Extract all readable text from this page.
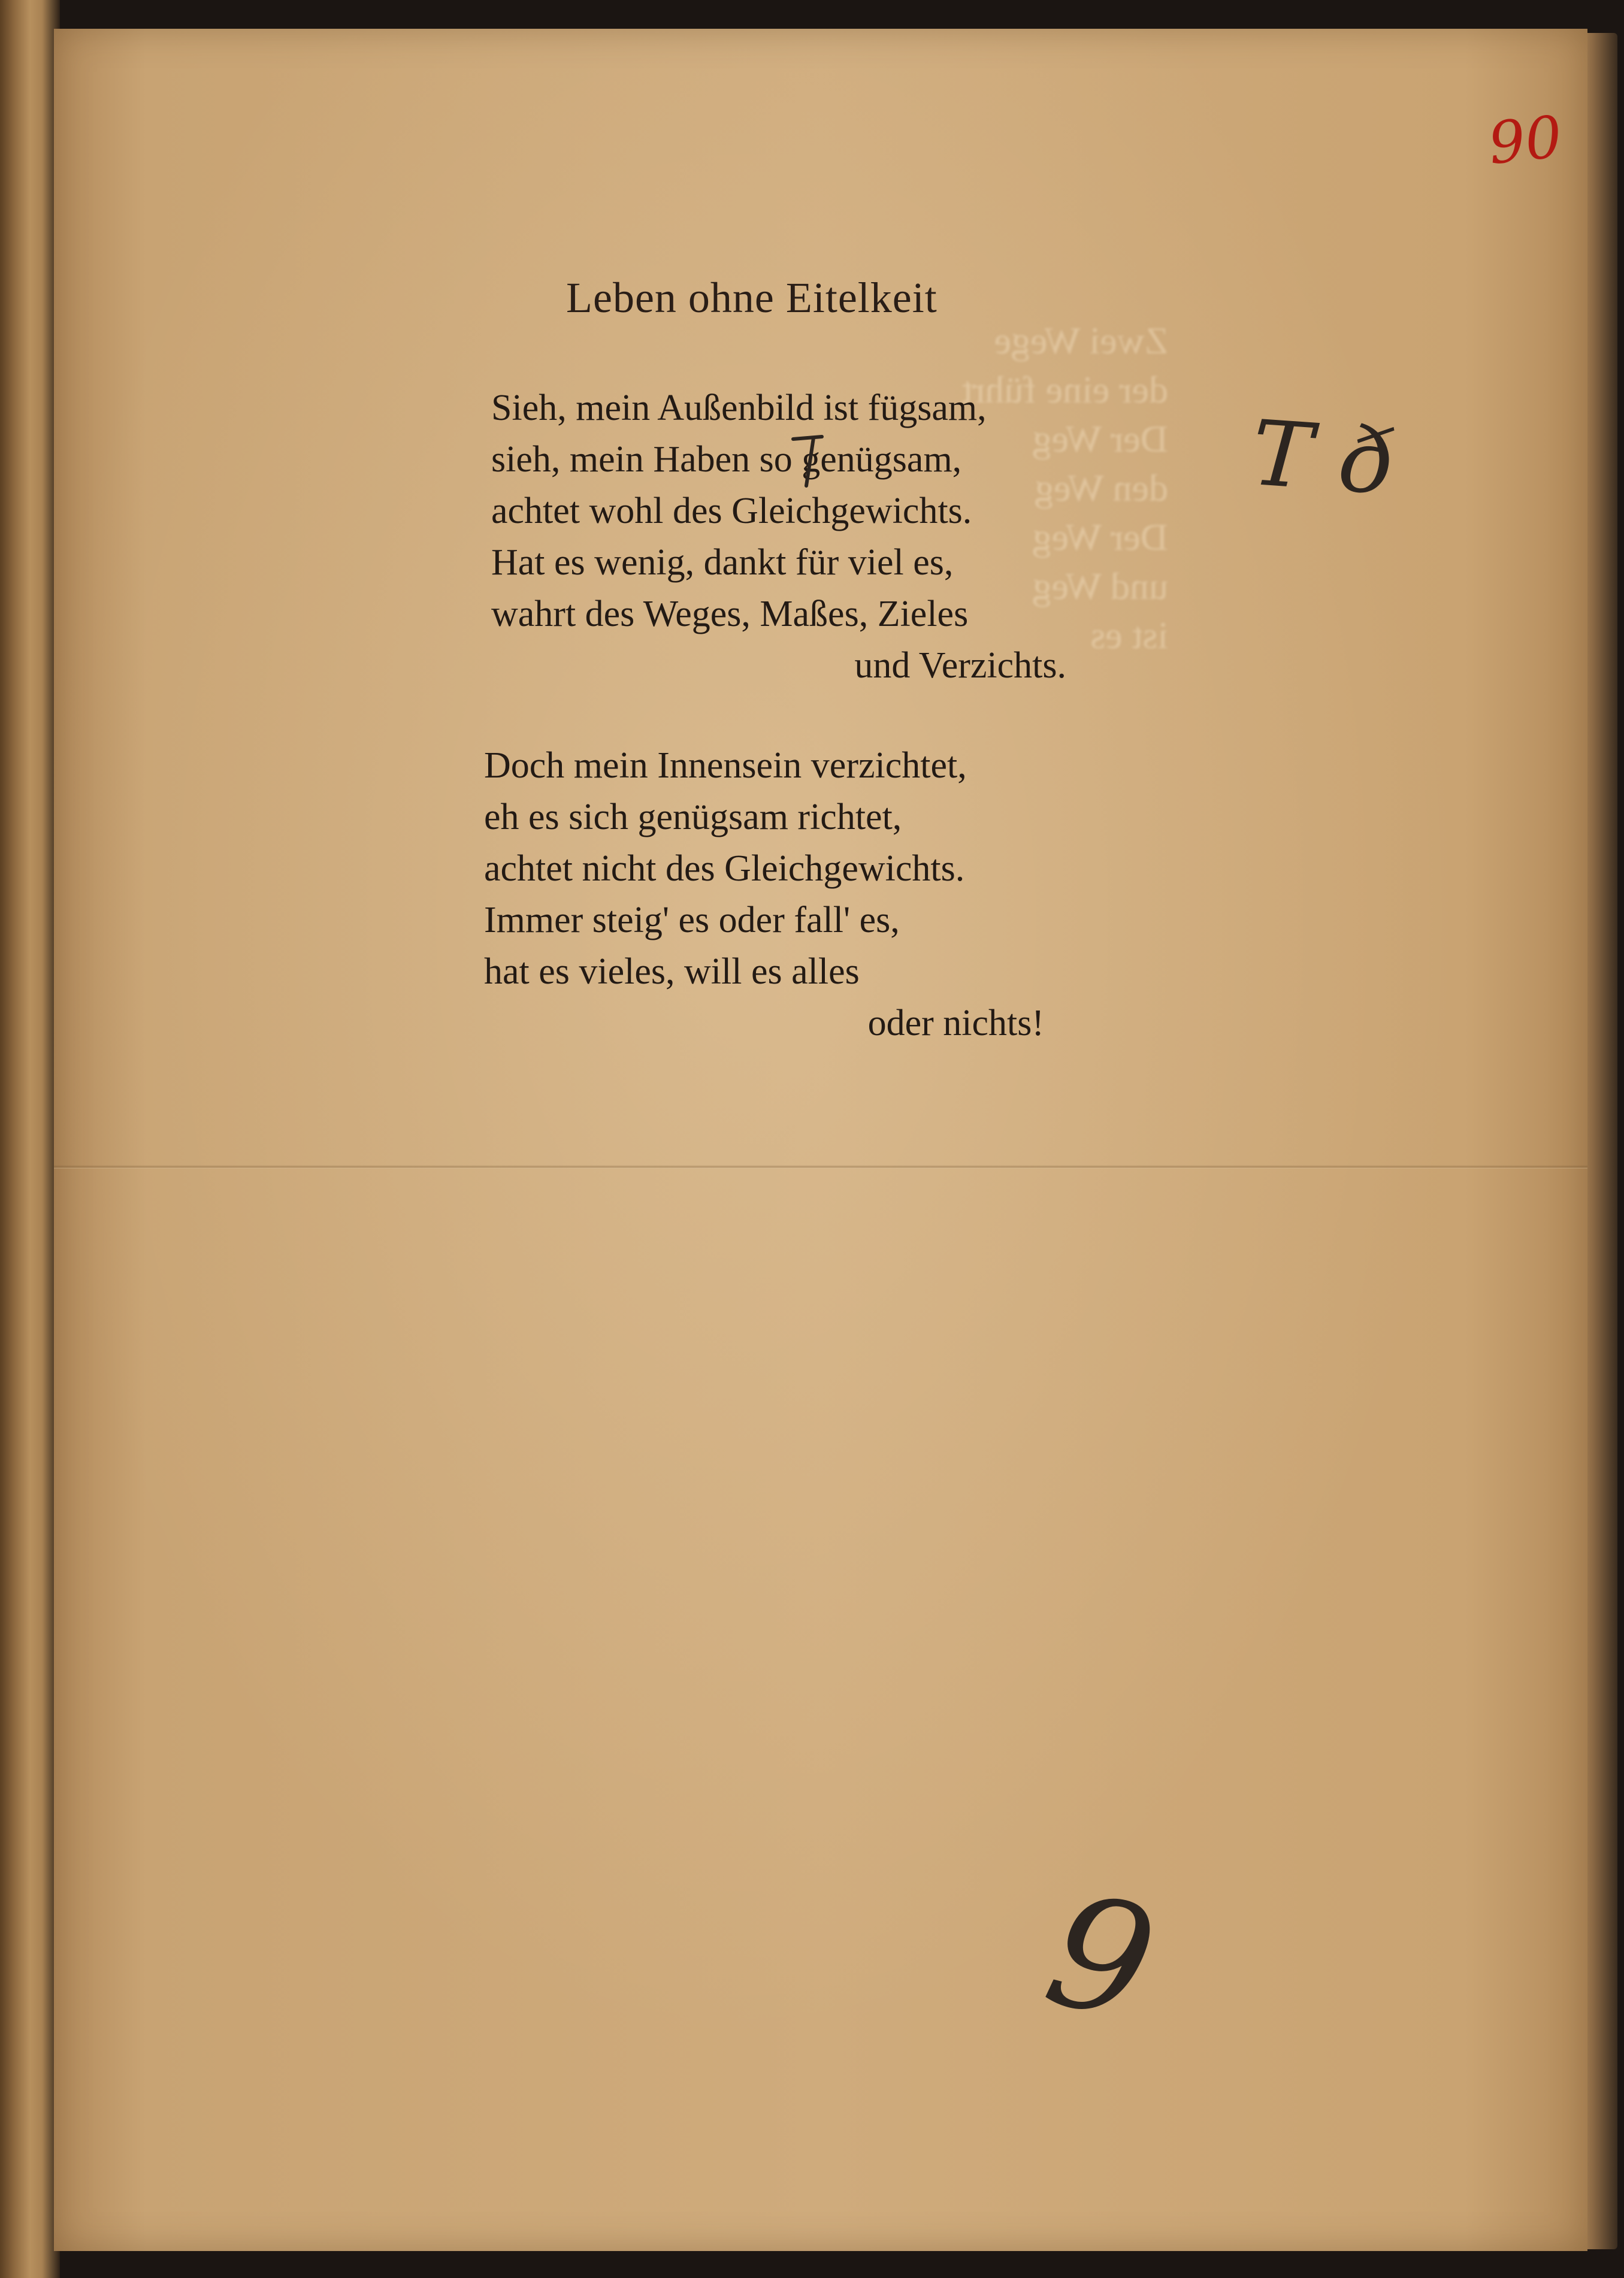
Zwei Wege
der eine führt
Der Weg
den Weg
Der Weg
und Weg
ist es
Leben ohne Eitelkeit
Sieh, mein Außenbild ist fügsam,
sieh, mein Haben so genügsam,
achtet wohl des Gleichgewichts.
Hat es wenig, dankt für viel es,
wahrt des Weges, Maßes, Zieles
und Verzichts.
Doch mein Innensein verzichtet,
eh es sich genügsam richtet,
achtet nicht des Gleichgewichts.
Immer steig' es oder fall' es,
hat es vieles, will es alles
oder nichts!
90
T ð
9
